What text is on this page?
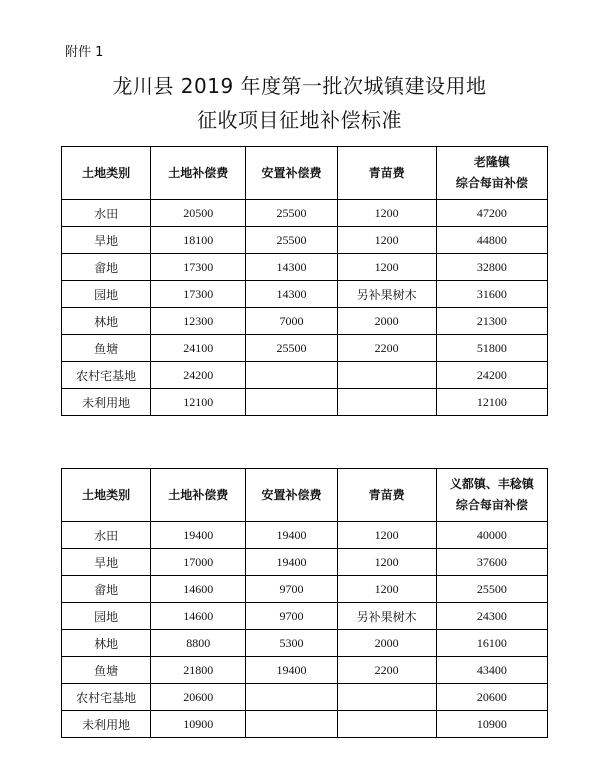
附件 1
龙川县 2019 年度第一批次城镇建设用地
征收项目征地补偿标准
土地类别	土地补偿费	安置补偿费	青苗费	老隆镇
综合每亩补偿

水田	20500	25500	1200	47200
旱地	18100	25500	1200	44800
畲地	17300	14300	1200	32800
园地	17300	14300	另补果树木	31600
林地	12300	7000	2000	21300
鱼塘	24100	25500	2200	51800
农村宅基地	24200			24200
未利用地	12100			12100
土地类别	土地补偿费	安置补偿费	青苗费	义都镇、丰稔镇
综合每亩补偿

水田	19400	19400	1200	40000
旱地	17000	19400	1200	37600
畲地	14600	9700	1200	25500
园地	14600	9700	另补果树木	24300
林地	8800	5300	2000	16100
鱼塘	21800	19400	2200	43400
农村宅基地	20600			20600
未利用地	10900			10900
